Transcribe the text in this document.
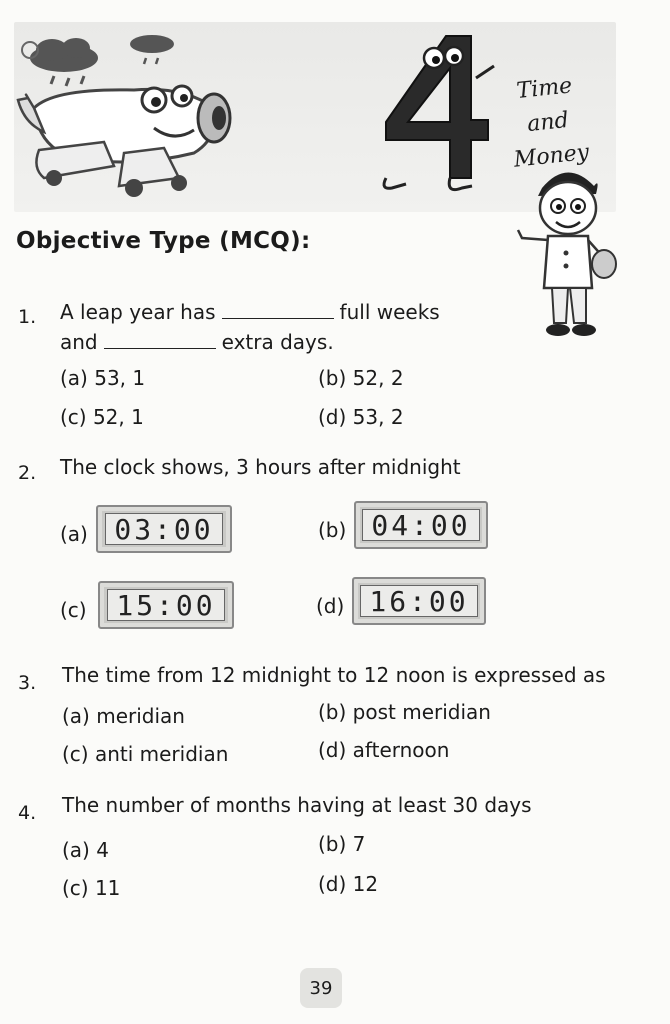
Time and
Money
Objective Type (MCQ):
1. A leap year has	full weeks
and	extra days.
(a) 53, 1	(b) 52, 2
(c) 52, 1	(d) 53, 2
2. The clock shows, 3 hours after midnight
(a) 03:00	(b) 04:00
(c)	15:00	(d) 16:00
3. The time from 12 midnight to 12 noon is expressed as
(a) meridian	(b) post meridian
(c) anti meridian	(d) afternoon
4. The number of months having at least 30 days
(a) 4	(b) 7
(c) 11	(d) 12
39
